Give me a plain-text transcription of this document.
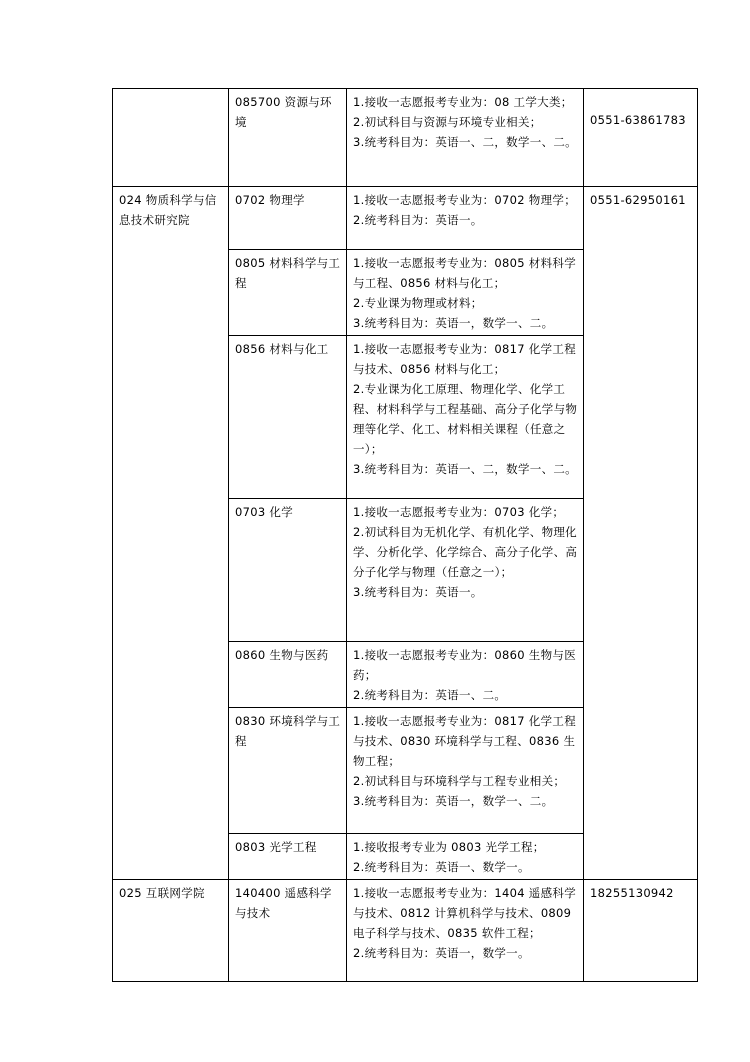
	085700 资源与环境	1.接收一志愿报考专业为：08 工学大类；
2.初试科目与资源与环境专业相关；
3.统考科目为：英语一、二，数学一、二。	0551-63861783
024 物质科学与信息技术研究院	0702 物理学	1.接收一志愿报考专业为：0702 物理学；
2.统考科目为：英语一。	0551-62950161
	0805 材料科学与工程	1.接收一志愿报考专业为：0805 材料科学与工程、0856 材料与化工；
2.专业课为物理或材料；
3.统考科目为：英语一，数学一、二。	

	0856 材料与化工	1.接收一志愿报考专业为：0817 化学工程与技术、0856 材料与化工；
2.专业课为化工原理、物理化学、化学工程、材料科学与工程基础、高分子化学与物理等化学、化工、材料相关课程（任意之一）；
3.统考科目为：英语一、二，数学一、二。	

	0703 化学	1.接收一志愿报考专业为：0703 化学；
2.初试科目为无机化学、有机化学、物理化学、分析化学、化学综合、高分子化学、高分子化学与物理（任意之一）；
3.统考科目为：英语一。	

	0860 生物与医药	1.接收一志愿报考专业为：0860 生物与医药；
2.统考科目为：英语一、二。	

	0830 环境科学与工程	1.接收一志愿报考专业为：0817 化学工程与技术、0830 环境科学与工程、0836 生物工程；
2.初试科目与环境科学与工程专业相关；
3.统考科目为：英语一，数学一、二。	

	0803 光学工程	1.接收报考专业为 0803 光学工程；
2.统考科目为：英语一、数学一。	

025 互联网学院	140400 遥感科学与技术	1.接收一志愿报考专业为：1404 遥感科学与技术、0812 计算机科学与技术、0809 电子科学与技术、0835 软件工程；
2.统考科目为：英语一，数学一。	18255130942
